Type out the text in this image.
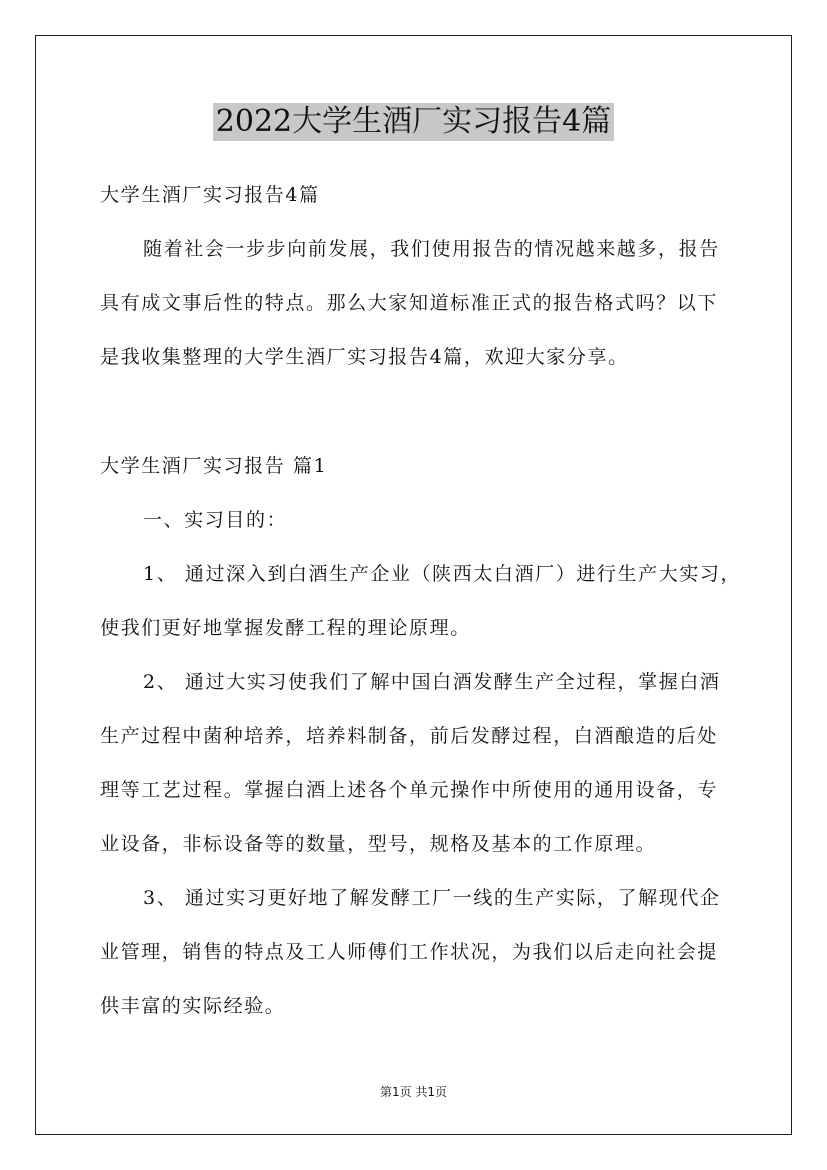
2022大学生酒厂实习报告4篇
大学生酒厂实习报告4篇
随着社会一步步向前发展，我们使用报告的情况越来越多，报告
具有成文事后性的特点。那么大家知道标准正式的报告格式吗？以下
是我收集整理的大学生酒厂实习报告4篇，欢迎大家分享。
大学生酒厂实习报告 篇1
一、实习目的：
1、 通过深入到白酒生产企业（陕西太白酒厂）进行生产大实习，
使我们更好地掌握发酵工程的理论原理。
2、 通过大实习使我们了解中国白酒发酵生产全过程，掌握白酒
生产过程中菌种培养，培养料制备，前后发酵过程，白酒酿造的后处
理等工艺过程。掌握白酒上述各个单元操作中所使用的通用设备，专
业设备，非标设备等的数量，型号，规格及基本的工作原理。
3、 通过实习更好地了解发酵工厂一线的生产实际，了解现代企
业管理，销售的特点及工人师傅们工作状况，为我们以后走向社会提
供丰富的实际经验。
第1页 共1页
